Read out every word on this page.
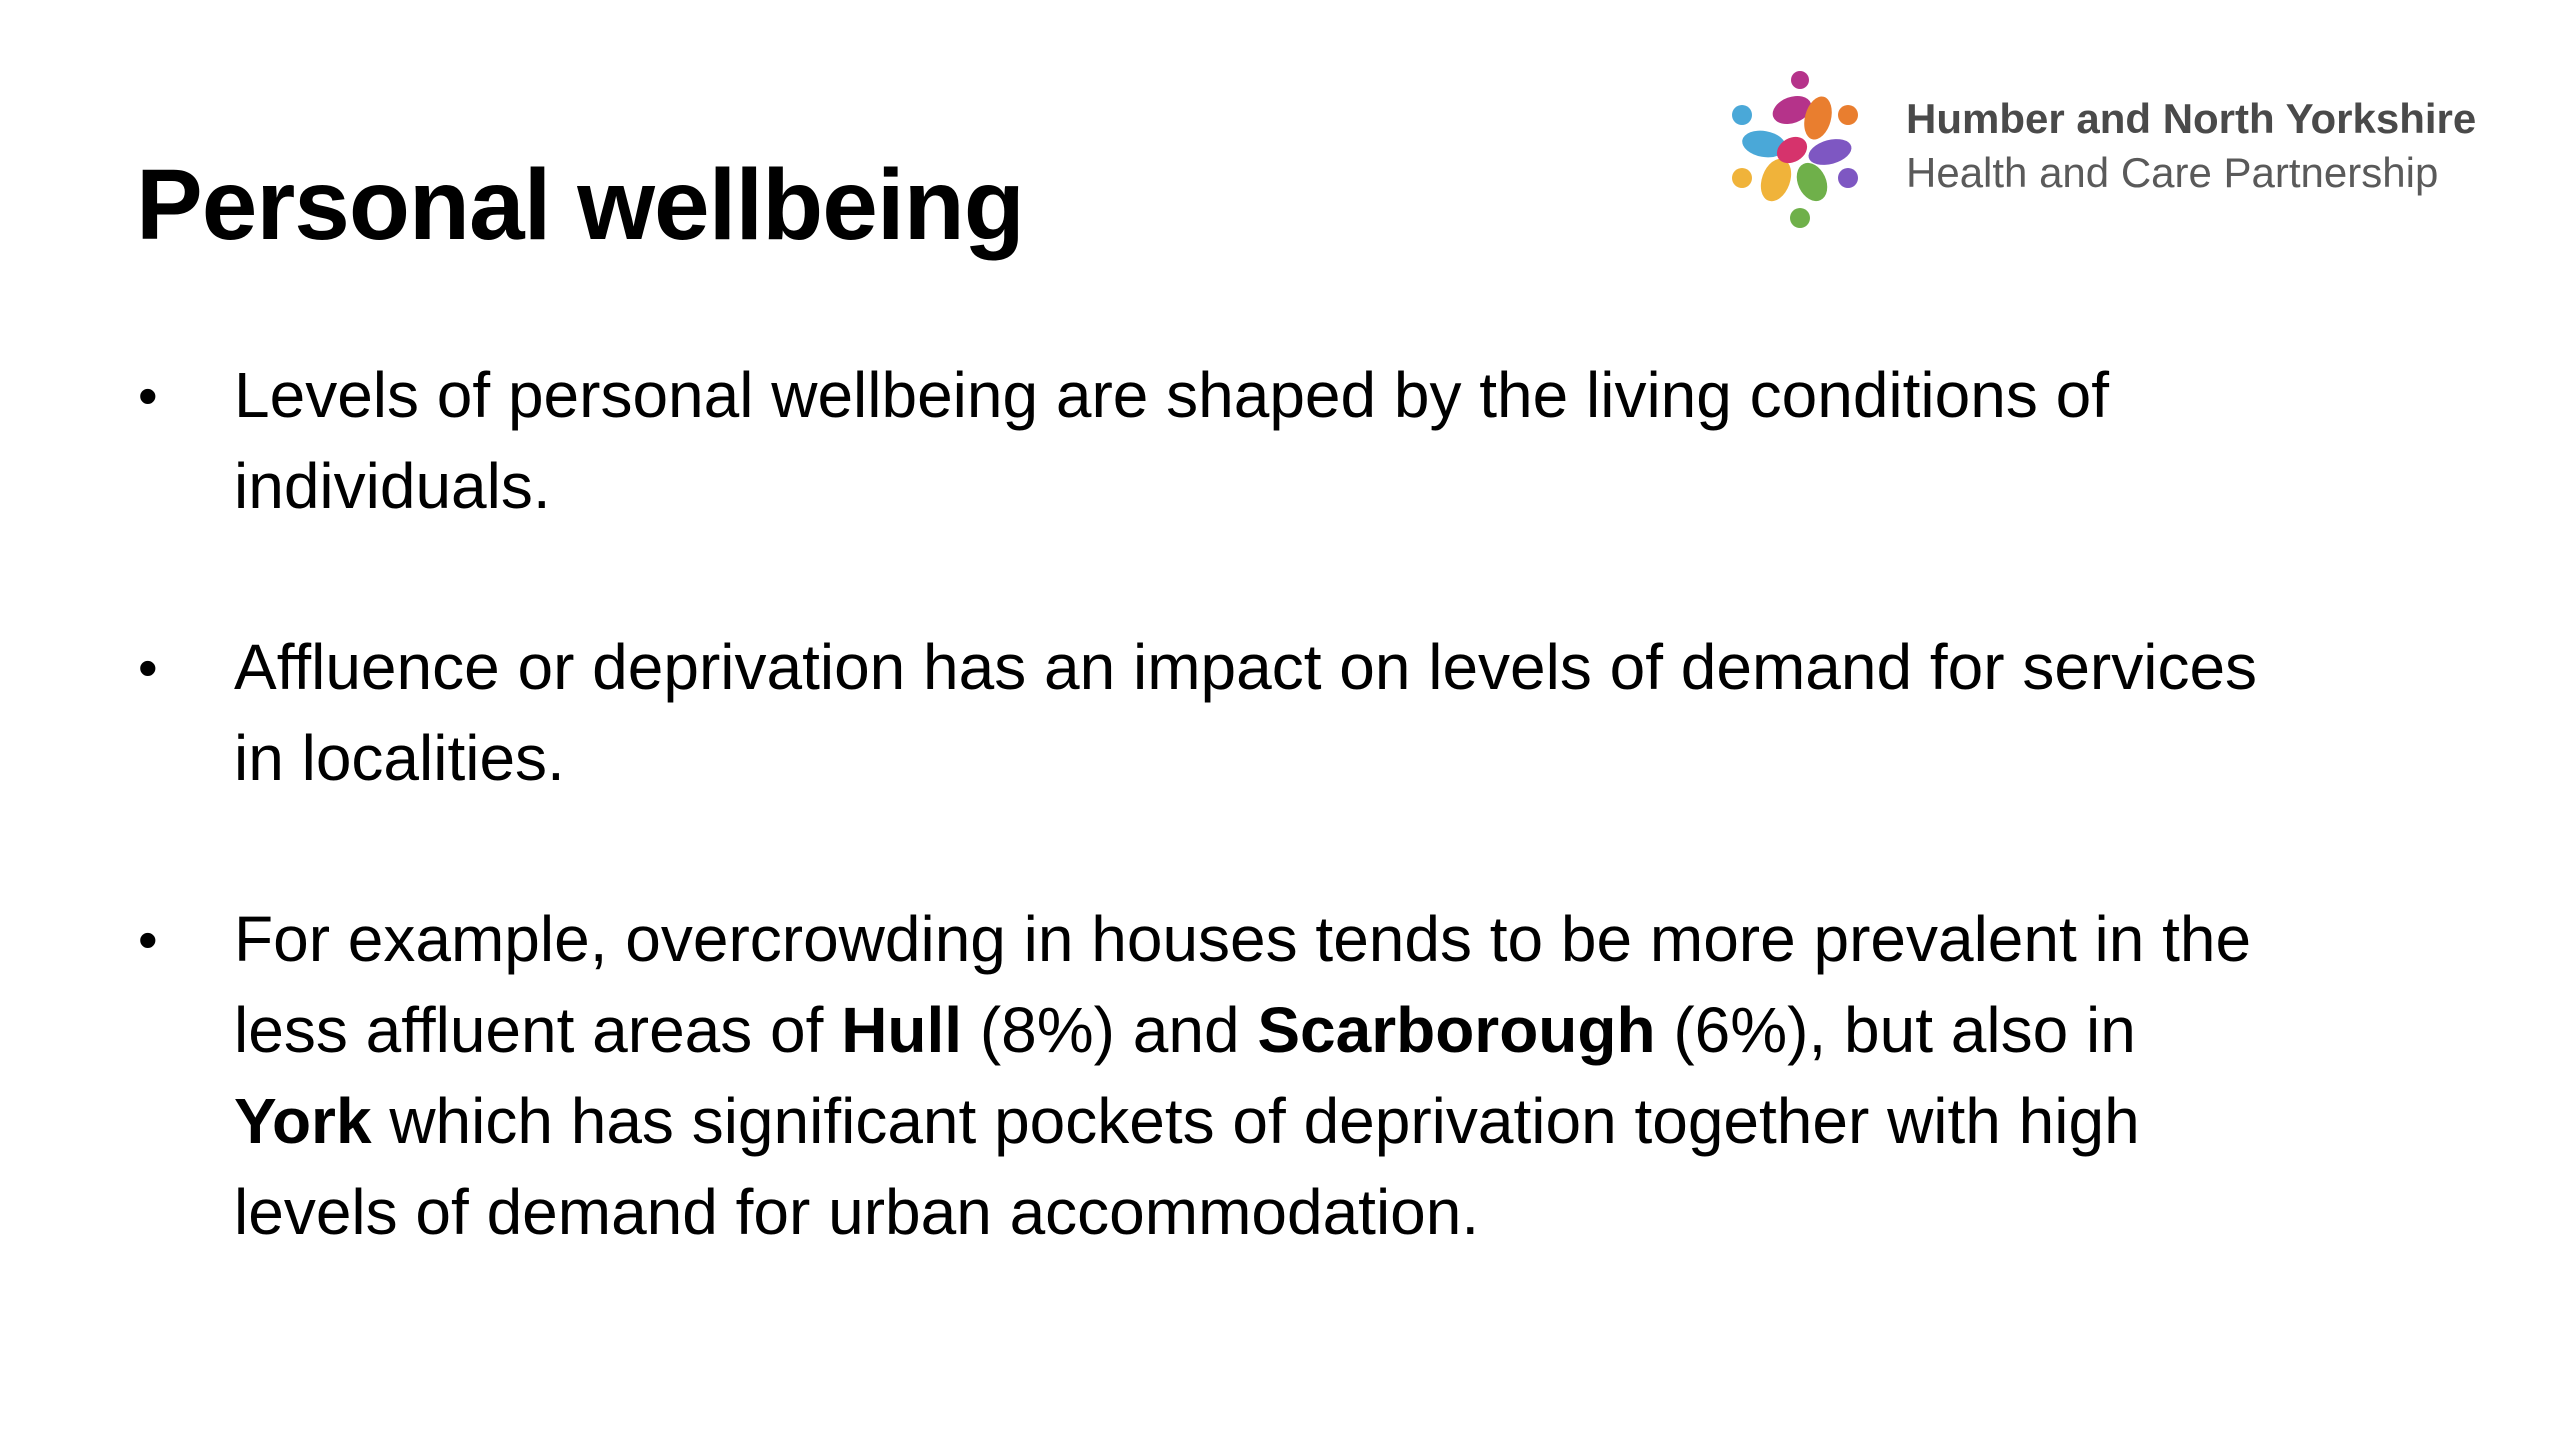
Personal wellbeing
Humber and North Yorkshire
Health and Care Partnership
• Levels of personal wellbeing are shaped by the living conditions of individuals.
• Affluence or deprivation has an impact on levels of demand for services in localities.
• For example, overcrowding in houses tends to be more prevalent in the less affluent areas of Hull (8%) and Scarborough (6%), but also in York which has significant pockets of deprivation together with high levels of demand for urban accommodation.
